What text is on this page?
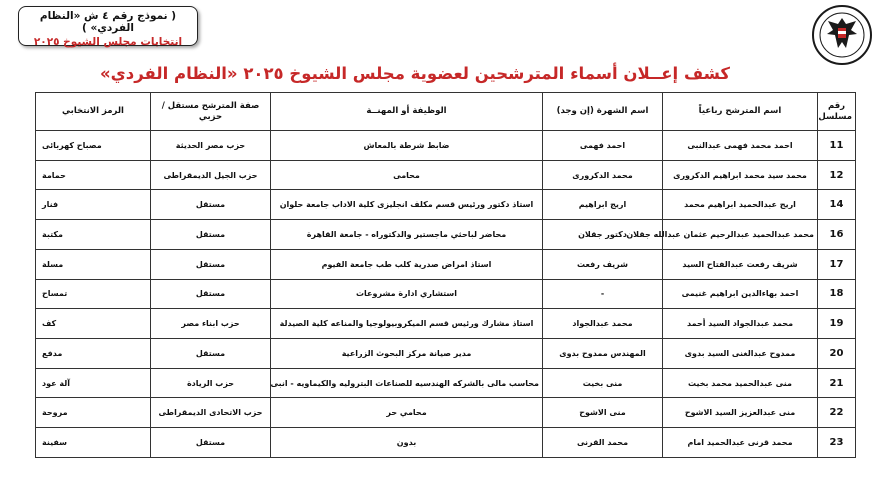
( نموذج رقم ٤ ش «النظام الفردي» )
انتخابات مجلس الشيوخ ٢٠٢٥
كشف إعــلان أسماء المترشحين لعضوية مجلس الشيوخ ٢٠٢٥ «النظام الفردي»
رقم مسلسل	اسم المترشح رباعياً	اسم الشهرة (إن وجد)	الوظيفة أو المهنــة	صفة المترشح مستقل / حزبي	الرمز الانتخابي
11	احمد محمد فهمى عبدالنبى	احمد فهمى	ضابط شرطة بالمعاش	حزب مصر الحديثة	مصباح كهربائى
12	محمد سيد محمد ابراهيم الدكرورى	محمد الدكرورى	محامى	حزب الجيل الديمقراطى	حمامة
14	اريج عبدالحميد ابراهيم محمد	اريج ابراهيم	استاذ دكتور ورئيس قسم مكلف انجليزى كلية الاداب جامعة حلوان	مستقل	فنار
16	محمد عبدالحميد عبدالرحيم عثمان عبدالله جقلان	دكتور جقلان	محاضر لباحثي ماجستير والدكتوراه - جامعة القاهرة	مستقل	مكتبة
17	شريف رفعت عبدالفتاح السيد	شريف رفعت	استاذ امراض صدرية كلب طب جامعة الفيوم	مستقل	مسلة
18	احمد بهاءالدين ابراهيم غنيمى	-	استشاري ادارة مشروعات	مستقل	تمساح
19	محمد عبدالجواد السيد أحمد	محمد عبدالجواد	استاذ مشارك ورئيس قسم الميكروبيولوجيا والمناعه كلية الصيدلة	حزب ابناء مصر	كف
20	ممدوح عبدالغنى السيد بدوى	المهندس ممدوح بدوى	مدير صيانة مركز البحوث الزراعية	مستقل	مدفع
21	منى عبدالحميد محمد بخيت	منى بخيت	محاسب مالى بالشركه الهندسيه للصناعات البتروليه والكيماويه - انبى	حزب الريادة	آلة عود
22	منى عبدالعزيز السيد الاشوح	منى الاشوح	محامي حر	حزب الاتحادى الديمقراطى	مروحة
23	محمد قرنى عبدالحميد امام	محمد القرنى	بدون	مستقل	سفينة
